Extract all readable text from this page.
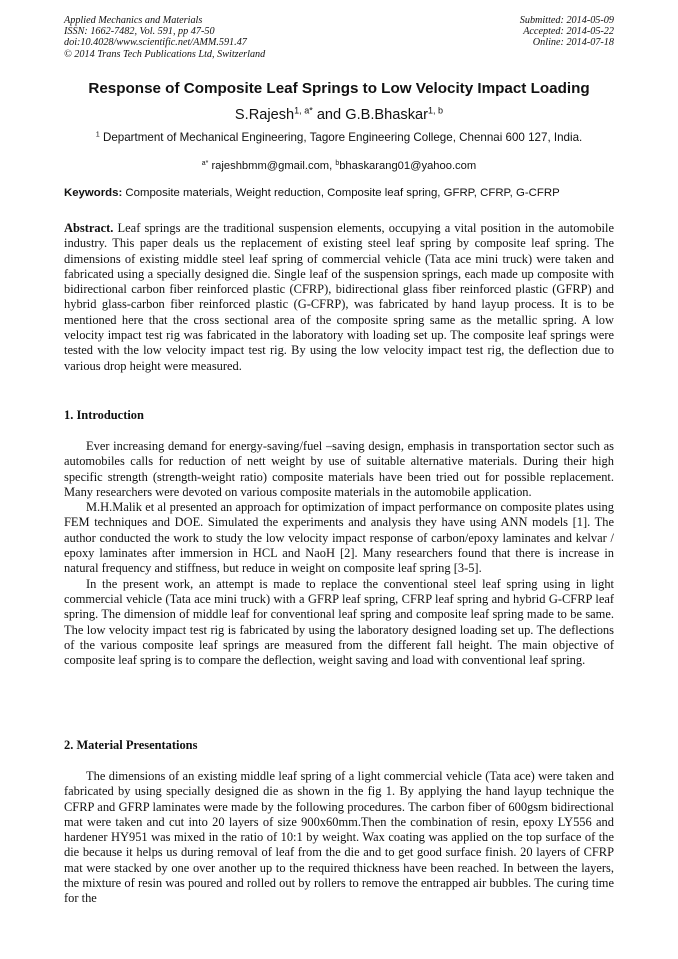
Applied Mechanics and Materials
ISSN: 1662-7482, Vol. 591, pp 47-50
doi:10.4028/www.scientific.net/AMM.591.47
© 2014 Trans Tech Publications Ltd, Switzerland
Submitted: 2014-05-09
Accepted: 2014-05-22
Online: 2014-07-18
Response of Composite Leaf Springs to Low Velocity Impact Loading
S.Rajesh$^{1, a*}$ and G.B.Bhaskar$^{1, b}$
$^1$ Department of Mechanical Engineering, Tagore Engineering College, Chennai 600 127, India.
$^{a*}$ rajeshbmm@gmail.com, $^b$bhaskarang01@yahoo.com
Keywords: Composite materials, Weight reduction, Composite leaf spring, GFRP, CFRP, G-CFRP

Abstract. Leaf springs are the traditional suspension elements, occupying a vital position in the automobile industry. This paper deals us the replacement of existing steel leaf spring by composite leaf spring. The dimensions of existing middle steel leaf spring of commercial vehicle (Tata ace mini truck) were taken and fabricated using a specially designed die. Single leaf of the suspension springs, each made up composite with bidirectional carbon fiber reinforced plastic (CFRP), bidirectional glass fiber reinforced plastic (GFRP) and hybrid glass-carbon fiber reinforced plastic (G-CFRP), was fabricated by hand layup process. It is to be mentioned here that the cross sectional area of the composite spring same as the metallic spring. A low velocity impact test rig was fabricated in the laboratory with loading set up. The composite leaf springs were tested with the low velocity impact test rig. By using the low velocity impact test rig, the deflection due to various drop height were measured.

1. Introduction

Ever increasing demand for energy-saving/fuel –saving design, emphasis in transportation sector such as automobiles calls for reduction of nett weight by use of suitable alternative materials. During their high specific strength (strength-weight ratio) composite materials have been tried out for possible replacement. Many researchers were devoted on various composite materials in the automobile application.

M.H.Malik et al presented an approach for optimization of impact performance on composite plates using FEM techniques and DOE. Simulated the experiments and analysis they have using ANN models [1]. The author conducted the work to study the low velocity impact response of carbon/epoxy laminates and kelvar / epoxy laminates after immersion in HCL and NaoH [2]. Many researchers found that there is increase in natural frequency and stiffness, but reduce in weight on composite leaf spring [3-5].

In the present work, an attempt is made to replace the conventional steel leaf spring using in light commercial vehicle (Tata ace mini truck) with a GFRP leaf spring, CFRP leaf spring and hybrid G-CFRP leaf spring. The dimension of middle leaf for conventional leaf spring and composite leaf spring made to be same. The low velocity impact test rig is fabricated by using the laboratory designed loading set up. The deflections of the various composite leaf springs are measured from the different fall height. The main objective of composite leaf spring is to compare the deflection, weight saving and load with conventional leaf spring.

2. Material Presentations

The dimensions of an existing middle leaf spring of a light commercial vehicle (Tata ace) were taken and fabricated by using specially designed die as shown in the fig 1. By applying the hand layup technique the CFRP and GFRP laminates were made by the following procedures. The carbon fiber of 600gsm bidirectional mat were taken and cut into 20 layers of size 900x60mm.Then the combination of resin, epoxy LY556 and hardener HY951 was mixed in the ratio of 10:1 by weight. Wax coating was applied on the top surface of the die because it helps us during removal of leaf from the die and to get good surface finish. 20 layers of CFRP mat were stacked by one over another up to the required thickness have been reached. In between the layers, the mixture of resin was poured and rolled out by rollers to remove the entrapped air bubbles. The curing time for the
